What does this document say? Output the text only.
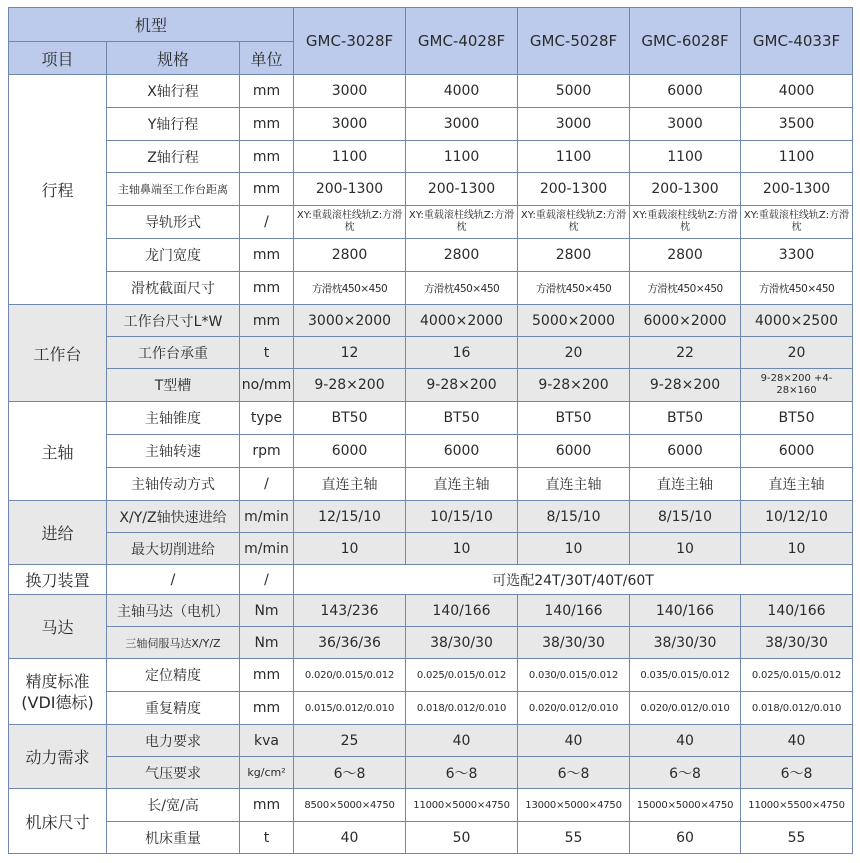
机型			GMC-3028F	GMC-4028F	GMC-5028F	GMC-6028F	GMC-4033F
项目	规格	单位					
行程	X轴行程	mm	3000	4000	5000	6000	4000
	Y轴行程	mm	3000	3000	3000	3000	3500
	Z轴行程	mm	1100	1100	1100	1100	1100
	主轴鼻端至工作台距离	mm	200-1300	200-1300	200-1300	200-1300	200-1300
	导轨形式	/	XY:重载滚柱线轨Z:方滑枕	XY:重载滚柱线轨Z:方滑枕	XY:重载滚柱线轨Z:方滑枕	XY:重载滚柱线轨Z:方滑枕	XY:重载滚柱线轨Z:方滑枕
	龙门宽度	mm	2800	2800	2800	2800	3300
	滑枕截面尺寸	mm	方滑枕450×450	方滑枕450×450	方滑枕450×450	方滑枕450×450	方滑枕450×450
工作台	工作台尺寸L*W	mm	3000×2000	4000×2000	5000×2000	6000×2000	4000×2500
	工作台承重	t	12	16	20	22	20
	T型槽	no/mm	9-28×200	9-28×200	9-28×200	9-28×200	9-28×200 +4-28×160
主轴	主轴锥度	type	BT50	BT50	BT50	BT50	BT50
	主轴转速	rpm	6000	6000	6000	6000	6000
	主轴传动方式	/	直连主轴	直连主轴	直连主轴	直连主轴	直连主轴
进给	X/Y/Z轴快速进给	m/min	12/15/10	10/15/10	8/15/10	8/15/10	10/12/10
	最大切削进给	m/min	10	10	10	10	10
换刀装置	/	/	可选配24T/30T/40T/60T				
马达	主轴马达（电机）	Nm	143/236	140/166	140/166	140/166	140/166
	三轴伺服马达X/Y/Z	Nm	36/36/36	38/30/30	38/30/30	38/30/30	38/30/30
精度标准 (VDI德标)	定位精度	mm	0.020/0.015/0.012	0.025/0.015/0.012	0.030/0.015/0.012	0.035/0.015/0.012	0.025/0.015/0.012
	重复精度	mm	0.015/0.012/0.010	0.018/0.012/0.010	0.020/0.012/0.010	0.020/0.012/0.010	0.018/0.012/0.010
动力需求	电力要求	kva	25	40	40	40	40
	气压要求	kg/cm²	6～8	6～8	6～8	6～8	6～8
机床尺寸	长/宽/高	mm	8500×5000×4750	11000×5000×4750	13000×5000×4750	15000×5000×4750	11000×5500×4750
	机床重量	t	40	50	55	60	55
